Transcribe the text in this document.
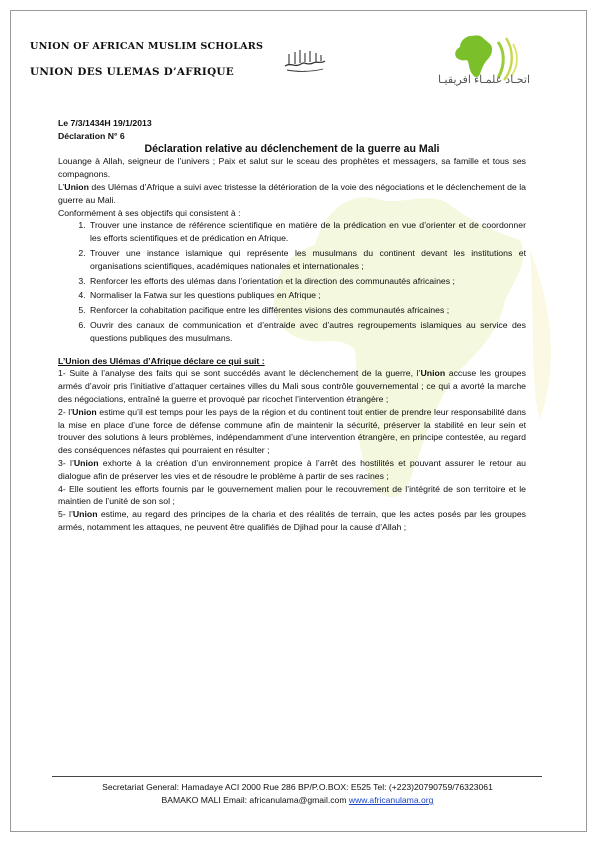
UNION OF AFRICAN MUSLIM SCHOLARS
UNION DES ULEMAS D’AFRIQUE
اتحـاد علمـاء افريقيـا

Le 7/3/1434H 19/1/2013

Déclaration N° 6

Déclaration relative au déclenchement de la guerre au Mali

Louange à Allah, seigneur de l’univers ; Paix et salut sur le sceau des prophètes et messagers, sa famille et tous ses compagnons.

L’Union des Ulémas d’Afrique a suivi avec tristesse la détérioration de la voie des négociations et le déclenchement de la guerre au Mali.

Conformément à ses objectifs qui consistent à :

1. Trouver une instance de référence scientifique en matière de la prédication en vue d’orienter et de coordonner les efforts scientifiques et de prédication en Afrique.
2. Trouver une instance islamique qui représente les musulmans du continent devant les institutions et organisations scientifiques, académiques nationales et internationales ;
3. Renforcer les efforts des ulémas dans l’orientation et la direction des communautés africaines ;
4. Normaliser la Fatwa sur les questions publiques en Afrique ;
5. Renforcer la cohabitation pacifique entre les différentes visions des communautés africaines ;
6. Ouvrir des canaux de communication et d’entraide avec d’autres regroupements islamiques au service des questions publiques des musulmans.

L’Union des Ulémas d’Afrique déclare ce qui suit :

1- Suite à l’analyse des faits qui se sont succédés avant le déclenchement de la guerre, l’Union accuse les groupes armés d’avoir pris l’initiative d’attaquer certaines villes du Mali sous contrôle gouvernemental ; ce qui a avorté la marche des négociations, entraîné la guerre et provoqué par ricochet l’intervention étrangère ;

2- l’Union estime qu’il est temps pour les pays de la région et du continent tout entier de prendre leur responsabilité dans la mise en place d’une force de défense commune afin de maintenir la sécurité, préserver la stabilité en leur sein et trouver des solutions à leurs problèmes, indépendamment d’une intervention étrangère, en principe contestée, au regard des conséquences néfastes qui pourraient en résulter ;

3- l’Union exhorte à la création d’un environnement propice à l’arrêt des hostilités et pouvant assurer le retour au dialogue afin de préserver les vies et de résoudre le problème à partir de ses racines ;

4- Elle soutient les efforts fournis par le gouvernement malien pour le recouvrement de l’intégrité de son territoire et le maintien de l’unité de son sol ;

5- l’Union estime, au regard des principes de la charia et des réalités de terrain, que les actes posés par les groupes armés, notamment les attaques, ne peuvent être qualifiés de Djihad pour la cause d’Allah ;

Secretariat General: Hamadaye ACI 2000 Rue 286 BP/P.O.BOX: E525 Tel: (+223)20790759/76323061
BAMAKO MALI Email: africanulama@gmail.com www.africanulama.org
